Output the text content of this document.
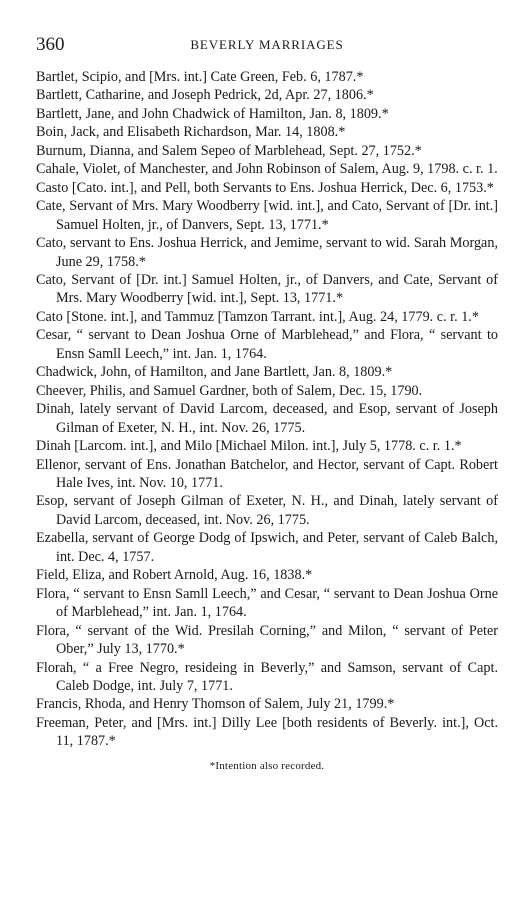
360	BEVERLY MARRIAGES

Bartlet, Scipio, and [Mrs. int.] Cate Green, Feb. 6, 1787.*

Bartlett, Catharine, and Joseph Pedrick, 2d, Apr. 27, 1806.*

Bartlett, Jane, and John Chadwick of Hamilton, Jan. 8, 1809.*

Boin, Jack, and Elisabeth Richardson, Mar. 14, 1808.*

Burnum, Dianna, and Salem Sepeo of Marblehead, Sept. 27, 1752.*

Cahale, Violet, of Manchester, and John Robinson of Salem, Aug. 9, 1798. c. r. 1.

Casto [Cato. int.], and Pell, both Servants to Ens. Joshua Herrick, Dec. 6, 1753.*

Cate, Servant of Mrs. Mary Woodberry [wid. int.], and Cato, Servant of [Dr. int.] Samuel Holten, jr., of Danvers, Sept. 13, 1771.*

Cato, servant to Ens. Joshua Herrick, and Jemime, servant to wid. Sarah Morgan, June 29, 1758.*

Cato, Servant of [Dr. int.] Samuel Holten, jr., of Danvers, and Cate, Servant of Mrs. Mary Woodberry [wid. int.], Sept. 13, 1771.*

Cato [Stone. int.], and Tammuz [Tamzon Tarrant. int.], Aug. 24, 1779. c. r. 1.*

Cesar, “ servant to Dean Joshua Orne of Marblehead,” and Flora, “ servant to Ensn Samll Leech,” int. Jan. 1, 1764.

Chadwick, John, of Hamilton, and Jane Bartlett, Jan. 8, 1809.*

Cheever, Philis, and Samuel Gardner, both of Salem, Dec. 15, 1790.

Dinah, lately servant of David Larcom, deceased, and Esop, servant of Joseph Gilman of Exeter, N. H., int. Nov. 26, 1775.

Dinah [Larcom. int.], and Milo [Michael Milon. int.], July 5, 1778. c. r. 1.*

Ellenor, servant of Ens. Jonathan Batchelor, and Hector, servant of Capt. Robert Hale Ives, int. Nov. 10, 1771.

Esop, servant of Joseph Gilman of Exeter, N. H., and Dinah, lately servant of David Larcom, deceased, int. Nov. 26, 1775.

Ezabella, servant of George Dodg of Ipswich, and Peter, servant of Caleb Balch, int. Dec. 4, 1757.

Field, Eliza, and Robert Arnold, Aug. 16, 1838.*

Flora, “ servant to Ensn Samll Leech,” and Cesar, “ servant to Dean Joshua Orne of Marblehead,” int. Jan. 1, 1764.

Flora, “ servant of the Wid. Presilah Corning,” and Milon, “ servant of Peter Ober,” July 13, 1770.*

Florah, “ a Free Negro, resideing in Beverly,” and Samson, servant of Capt. Caleb Dodge, int. July 7, 1771.

Francis, Rhoda, and Henry Thomson of Salem, July 21, 1799.*

Freeman, Peter, and [Mrs. int.] Dilly Lee [both residents of Beverly. int.], Oct. 11, 1787.*

*Intention also recorded.
